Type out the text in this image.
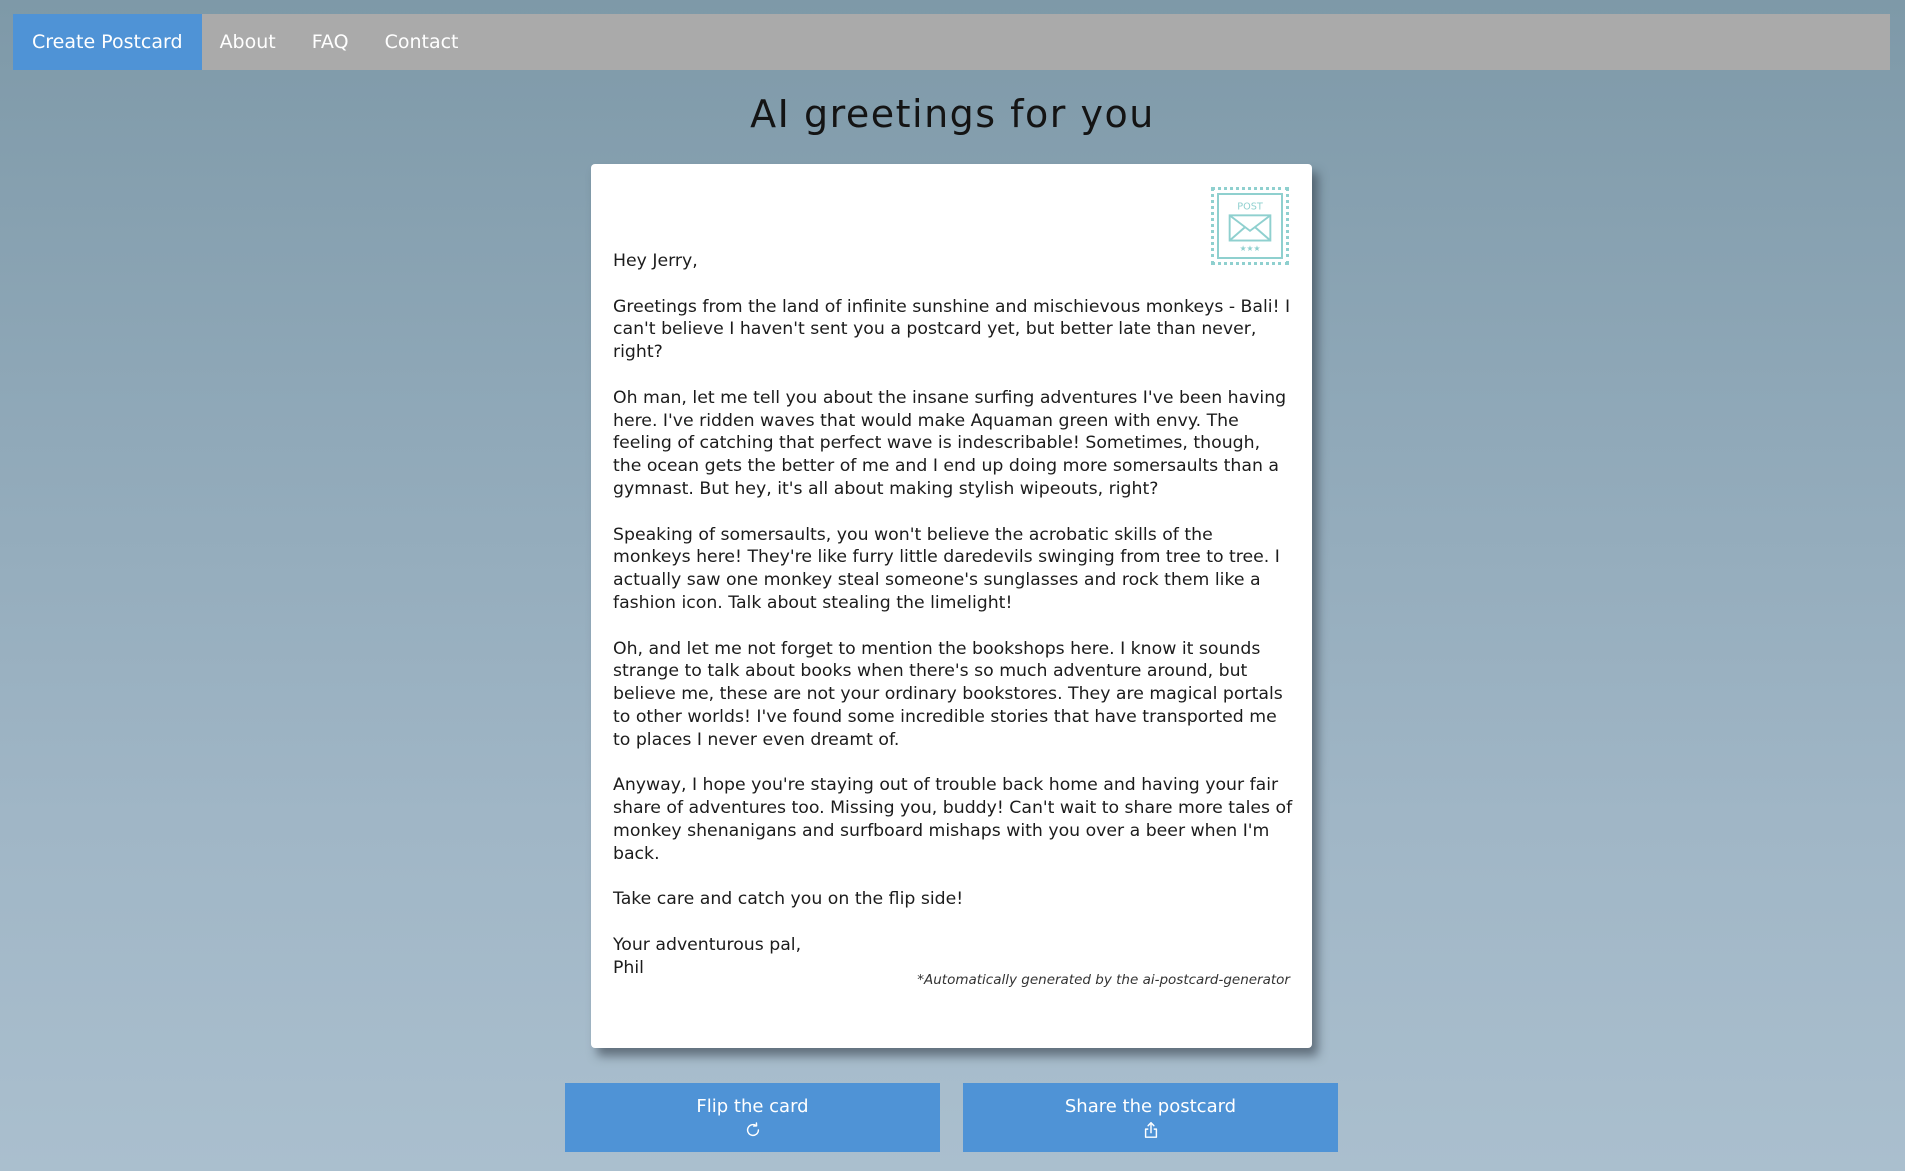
Create Postcard	About	FAQ	Contact
AI greetings for you
POST
★★★

Hey Jerry,

Greetings from the land of infinite sunshine and mischievous monkeys - Bali! I can't believe I haven't sent you a postcard yet, but better late than never, right?

Oh man, let me tell you about the insane surfing adventures I've been having here. I've ridden waves that would make Aquaman green with envy. The feeling of catching that perfect wave is indescribable! Sometimes, though, the ocean gets the better of me and I end up doing more somersaults than a gymnast. But hey, it's all about making stylish wipeouts, right?

Speaking of somersaults, you won't believe the acrobatic skills of the monkeys here! They're like furry little daredevils swinging from tree to tree. I actually saw one monkey steal someone's sunglasses and rock them like a fashion icon. Talk about stealing the limelight!

Oh, and let me not forget to mention the bookshops here. I know it sounds strange to talk about books when there's so much adventure around, but believe me, these are not your ordinary bookstores. They are magical portals to other worlds! I've found some incredible stories that have transported me to places I never even dreamt of.

Anyway, I hope you're staying out of trouble back home and having your fair share of adventures too. Missing you, buddy! Can't wait to share more tales of monkey shenanigans and surfboard mishaps with you over a beer when I'm back.

Take care and catch you on the flip side!

Your adventurous pal,

Phil

*Automatically generated by the ai-postcard-generator
Flip the card	Share the postcard
